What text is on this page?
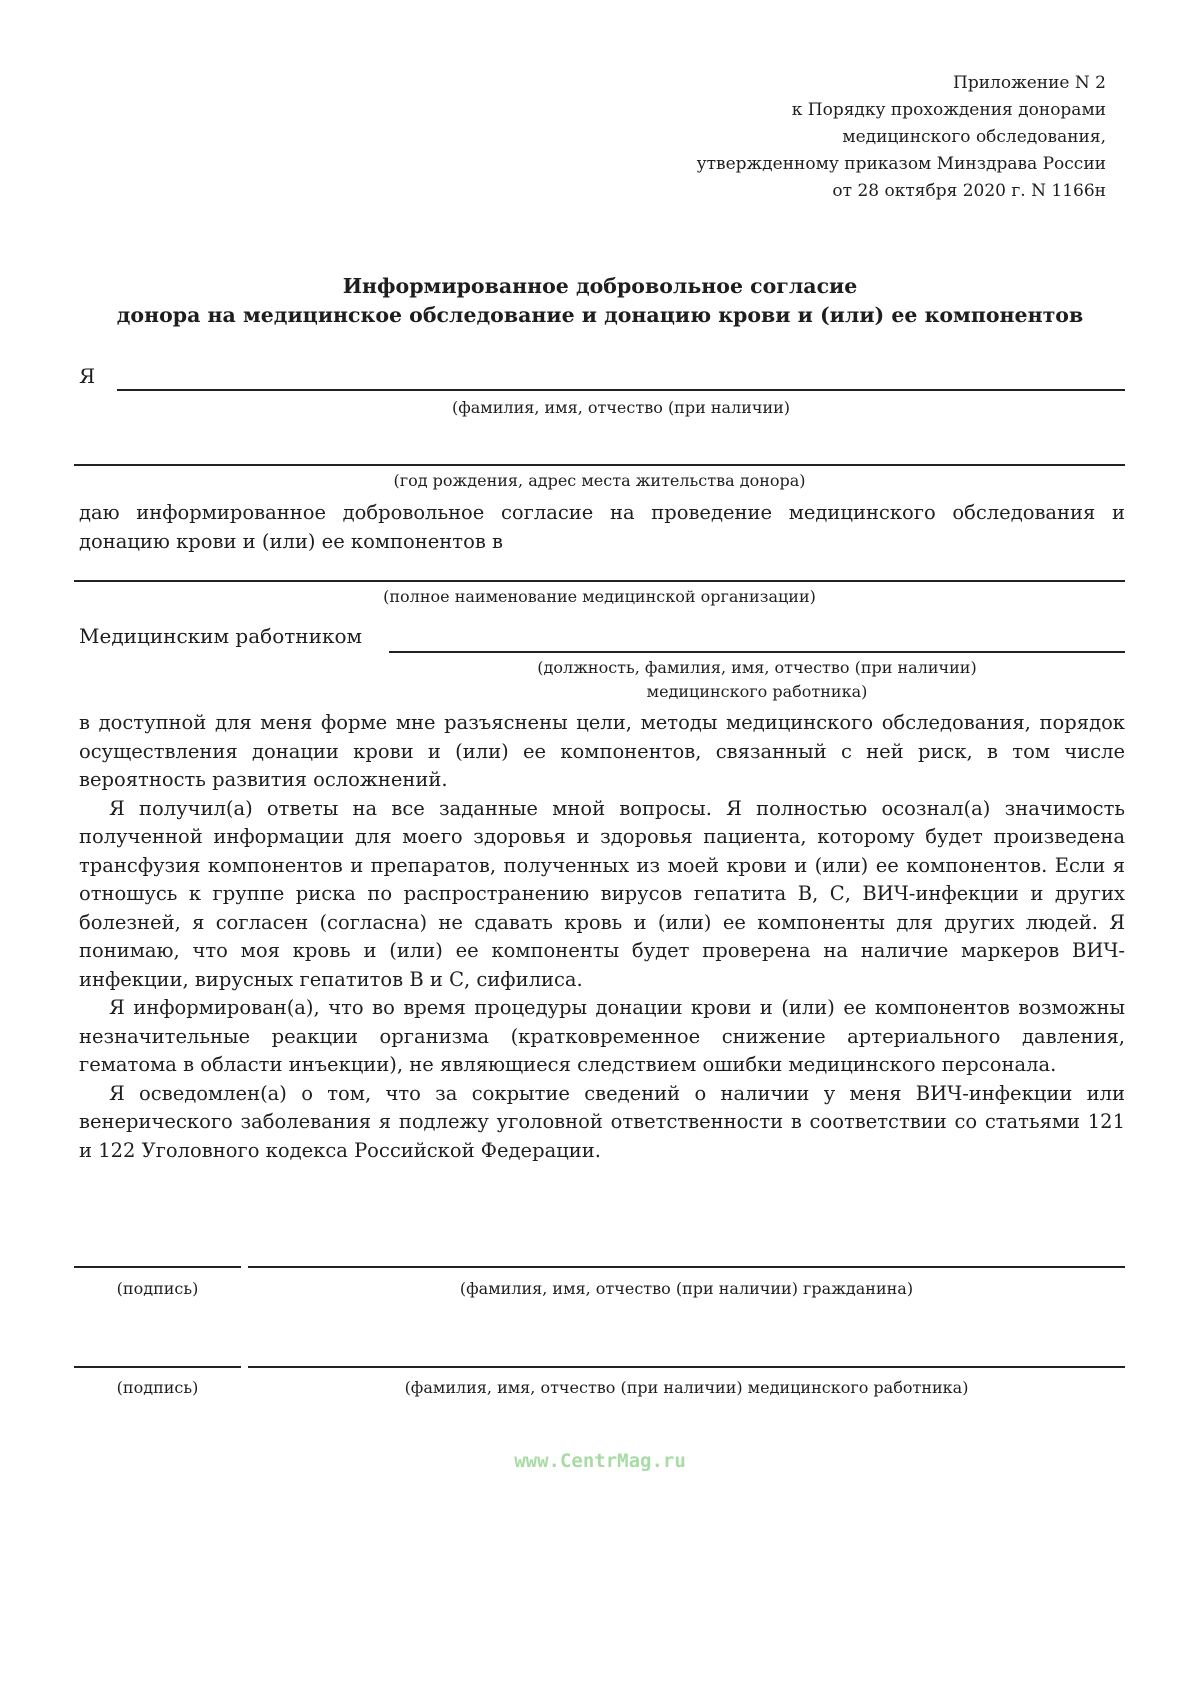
Приложение N 2
к Порядку прохождения донорами
медицинского обследования,
утвержденному приказом Минздрава России
от 28 октября 2020 г. N 1166н
Информированное добровольное согласие
донора на медицинское обследование и донацию крови и (или) ее компонентов
Я
(фамилия, имя, отчество (при наличии)
(год рождения, адрес места жительства донора)

даю информированное добровольное согласие на проведение медицинского обследования и донацию крови и (или) ее компонентов в

(полное наименование медицинской организации)
Медицинским работником
(должность, фамилия, имя, отчество (при наличии)
медицинского работника)

в доступной для меня форме мне разъяснены цели, методы медицинского обследования, порядок осуществления донации крови и (или) ее компонентов, связанный с ней риск, в том числе вероятность развития осложнений.

Я получил(а) ответы на все заданные мной вопросы. Я полностью осознал(а) значимость полученной информации для моего здоровья и здоровья пациента, которому будет произведена трансфузия компонентов и препаратов, полученных из моей крови и (или) ее компонентов. Если я отношусь к группе риска по распространению вирусов гепатита В, С, ВИЧ-инфекции и других болезней, я согласен (согласна) не сдавать кровь и (или) ее компоненты для других людей. Я понимаю, что моя кровь и (или) ее компоненты будет проверена на наличие маркеров ВИЧ-инфекции, вирусных гепатитов В и С, сифилиса.

Я информирован(а), что во время процедуры донации крови и (или) ее компонентов возможны незначительные реакции организма (кратковременное снижение артериального давления, гематома в области инъекции), не являющиеся следствием ошибки медицинского персонала.

Я осведомлен(а) о том, что за сокрытие сведений о наличии у меня ВИЧ-инфекции или венерического заболевания я подлежу уголовной ответственности в соответствии со статьями 121 и 122 Уголовного кодекса Российской Федерации.

(подпись)	(фамилия, имя, отчество (при наличии) гражданина)
(подпись)	(фамилия, имя, отчество (при наличии) медицинского работника)
www.CentrMag.ru
